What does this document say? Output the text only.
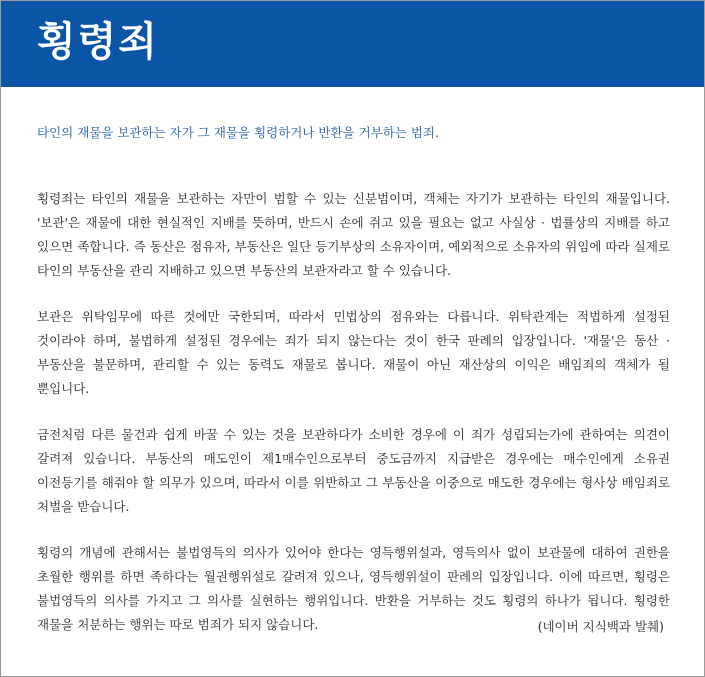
횡령죄

타인의 재물을 보관하는 자가 그 재물을 횡령하거나 반환을 거부하는 범죄.

횡령죄는 타인의 재물을 보관하는 자만이 범할 수 있는 신분범이며, 객체는 자기가 보관하는 타인의 재물입니다. '보관'은 재물에 대한 현실적인 지배를 뜻하며, 반드시 손에 쥐고 있을 필요는 없고 사실상 · 법률상의 지배를 하고 있으면 족합니다. 즉 동산은 점유자, 부동산은 일단 등기부상의 소유자이며, 예외적으로 소유자의 위임에 따라 실제로 타인의 부동산을 관리 지배하고 있으면 부동산의 보관자라고 할 수 있습니다.

보관은 위탁임무에 따른 것에만 국한되며, 따라서 민법상의 점유와는 다릅니다. 위탁관계는 적법하게 설정된 것이라야 하며, 불법하게 설정된 경우에는 죄가 되지 않는다는 것이 한국 판례의 입장입니다. '재물'은 동산 · 부동산을 불문하며, 관리할 수 있는 동력도 재물로 봅니다. 재물이 아닌 재산상의 이익은 배임죄의 객체가 될 뿐입니다.

금전처럼 다른 물건과 쉽게 바꿀 수 있는 것을 보관하다가 소비한 경우에 이 죄가 성립되는가에 관하여는 의견이 갈려져 있습니다. 부동산의 매도인이 제1매수인으로부터 중도금까지 지급받은 경우에는 매수인에게 소유권 이전등기를 해줘야 할 의무가 있으며, 따라서 이를 위반하고 그 부동산을 이중으로 매도한 경우에는 형사상 배임죄로 처벌을 받습니다.

횡령의 개념에 관해서는 불법영득의 의사가 있어야 한다는 영득행위설과, 영득의사 없이 보관물에 대하여 권한을 초월한 행위를 하면 족하다는 월권행위설로 갈려져 있으나, 영득행위설이 판례의 입장입니다. 이에 따르면, 횡령은 불법영득의 의사를 가지고 그 의사를 실현하는 행위입니다. 반환을 거부하는 것도 횡령의 하나가 됩니다. 횡령한 재물을 처분하는 행위는 따로 범죄가 되지 않습니다.	(네이버 지식백과 발췌)
